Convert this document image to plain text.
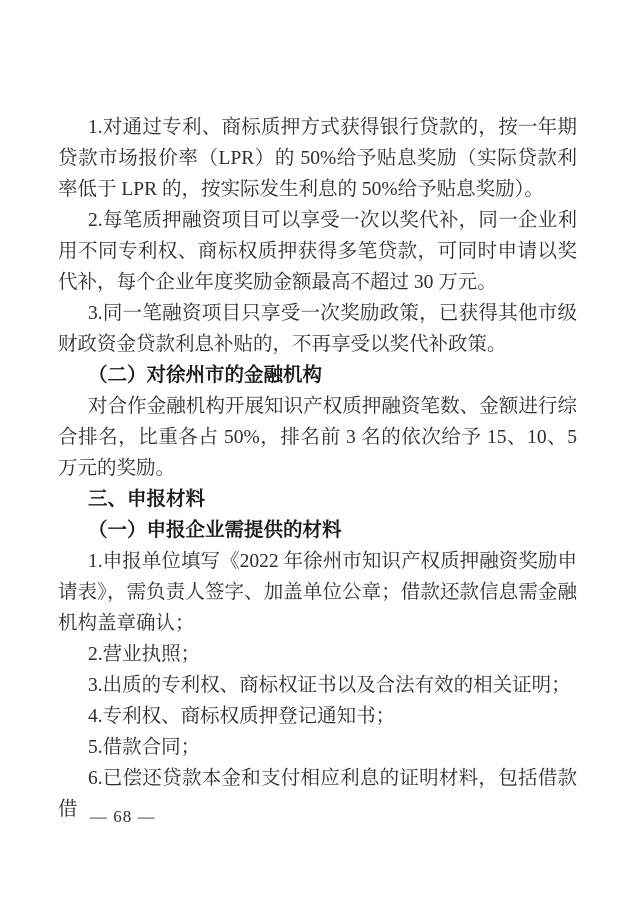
1.对通过专利、商标质押方式获得银行贷款的，按一年期贷款市场报价率（LPR）的 50%给予贴息奖励（实际贷款利率低于 LPR 的，按实际发生利息的 50%给予贴息奖励）。

2.每笔质押融资项目可以享受一次以奖代补，同一企业利用不同专利权、商标权质押获得多笔贷款，可同时申请以奖代补，每个企业年度奖励金额最高不超过 30 万元。

3.同一笔融资项目只享受一次奖励政策，已获得其他市级财政资金贷款利息补贴的，不再享受以奖代补政策。

（二）对徐州市的金融机构

对合作金融机构开展知识产权质押融资笔数、金额进行综合排名，比重各占 50%，排名前 3 名的依次给予 15、10、5 万元的奖励。

三、申报材料

（一）申报企业需提供的材料

1.申报单位填写《2022 年徐州市知识产权质押融资奖励申请表》，需负责人签字、加盖单位公章；借款还款信息需金融机构盖章确认；

2.营业执照；

3.出质的专利权、商标权证书以及合法有效的相关证明；

4.专利权、商标权质押登记通知书；

5.借款合同；

6.已偿还贷款本金和支付相应利息的证明材料，包括借款借 — 68 —
